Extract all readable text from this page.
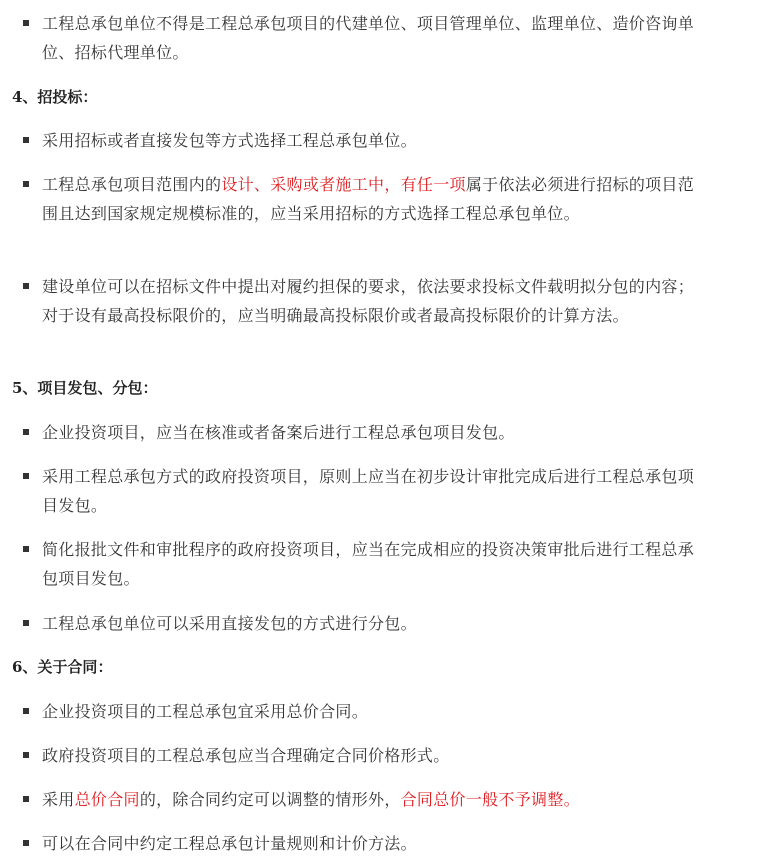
工程总承包单位不得是工程总承包项目的代建单位、项目管理单位、监理单位、造价咨询单位、招标代理单位。
4、招投标：
采用招标或者直接发包等方式选择工程总承包单位。
工程总承包项目范围内的设计、采购或者施工中，有任一项属于依法必须进行招标的项目范围且达到国家规定规模标准的，应当采用招标的方式选择工程总承包单位。
建设单位可以在招标文件中提出对履约担保的要求，依法要求投标文件载明拟分包的内容；对于设有最高投标限价的，应当明确最高投标限价或者最高投标限价的计算方法。
5、项目发包、分包：
企业投资项目，应当在核准或者备案后进行工程总承包项目发包。
采用工程总承包方式的政府投资项目，原则上应当在初步设计审批完成后进行工程总承包项目发包。
简化报批文件和审批程序的政府投资项目，应当在完成相应的投资决策审批后进行工程总承包项目发包。
工程总承包单位可以采用直接发包的方式进行分包。
6、关于合同：
企业投资项目的工程总承包宜采用总价合同。
政府投资项目的工程总承包应当合理确定合同价格形式。
采用总价合同的，除合同约定可以调整的情形外，合同总价一般不予调整。
可以在合同中约定工程总承包计量规则和计价方法。
